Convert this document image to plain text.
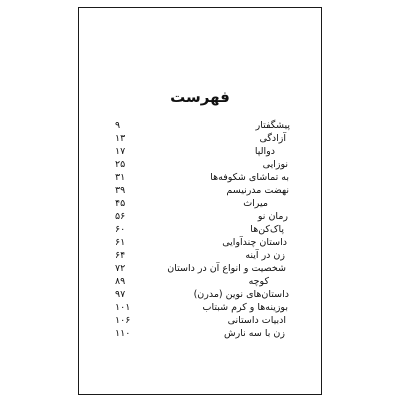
فهرست
پیشگفتار
۹
آزادگی
۱۳
دوالپا
۱۷
نوزایی
۲۵
به تماشای شکوفه‌ها
۳۱
نهضت مدرنیسم
۳۹
میراث
۴۵
رمان نو
۵۶
پاک‌کن‌ها
۶۰
داستان چندآوایی
۶۱
زن در آینه
۶۴
شخصیت و انواع آن در داستان
۷۲
کوچه
۸۹
داستان‌های نوین (مدرن)
۹۷
بوزینه‌ها و کرم شبتاب
۱۰۱
ادبیات داستانی
۱۰۶
زن با سه نارش
۱۱۰
